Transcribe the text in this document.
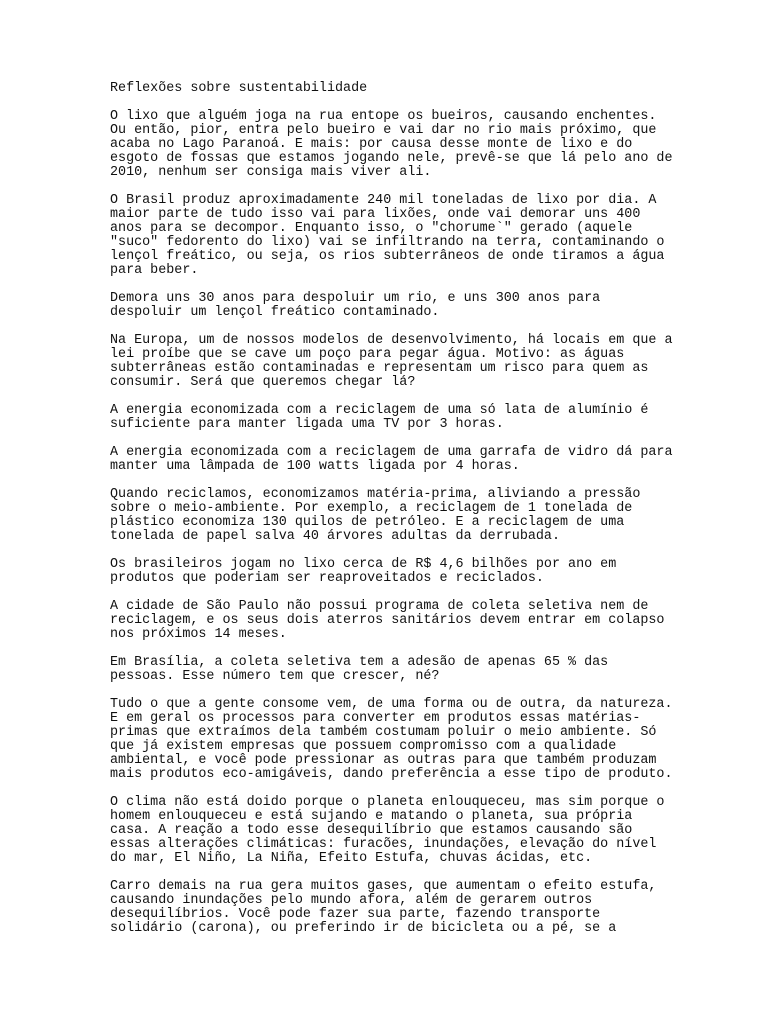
Reflexões sobre sustentabilidade
O lixo que alguém joga na rua entope os bueiros, causando enchentes.
Ou então, pior, entra pelo bueiro e vai dar no rio mais próximo, que
acaba no Lago Paranoá. E mais: por causa desse monte de lixo e do
esgoto de fossas que estamos jogando nele, prevê-se que lá pelo ano de
2010, nenhum ser consiga mais viver ali.
O Brasil produz aproximadamente 240 mil toneladas de lixo por dia. A
maior parte de tudo isso vai para lixões, onde vai demorar uns 400
anos para se decompor. Enquanto isso, o "chorume`" gerado (aquele
"suco" fedorento do lixo) vai se infiltrando na terra, contaminando o
lençol freático, ou seja, os rios subterrâneos de onde tiramos a água
para beber.
Demora uns 30 anos para despoluir um rio, e uns 300 anos para
despoluir um lençol freático contaminado.
Na Europa, um de nossos modelos de desenvolvimento, há locais em que a
lei proíbe que se cave um poço para pegar água. Motivo: as águas
subterrâneas estão contaminadas e representam um risco para quem as
consumir. Será que queremos chegar lá?
A energia economizada com a reciclagem de uma só lata de alumínio é
suficiente para manter ligada uma TV por 3 horas.
A energia economizada com a reciclagem de uma garrafa de vidro dá para
manter uma lâmpada de 100 watts ligada por 4 horas.
Quando reciclamos, economizamos matéria-prima, aliviando a pressão
sobre o meio-ambiente. Por exemplo, a reciclagem de 1 tonelada de
plástico economiza 130 quilos de petróleo. E a reciclagem de uma
tonelada de papel salva 40 árvores adultas da derrubada.
Os brasileiros jogam no lixo cerca de R$ 4,6 bilhões por ano em
produtos que poderiam ser reaproveitados e reciclados.
A cidade de São Paulo não possui programa de coleta seletiva nem de
reciclagem, e os seus dois aterros sanitários devem entrar em colapso
nos próximos 14 meses.
Em Brasília, a coleta seletiva tem a adesão de apenas 65 % das
pessoas. Esse número tem que crescer, né?
Tudo o que a gente consome vem, de uma forma ou de outra, da natureza.
E em geral os processos para converter em produtos essas matérias-
primas que extraímos dela também costumam poluir o meio ambiente. Só
que já existem empresas que possuem compromisso com a qualidade
ambiental, e você pode pressionar as outras para que também produzam
mais produtos eco-amigáveis, dando preferência a esse tipo de produto.
O clima não está doido porque o planeta enlouqueceu, mas sim porque o
homem enlouqueceu e está sujando e matando o planeta, sua própria
casa. A reação a todo esse desequilíbrio que estamos causando são
essas alterações climáticas: furacões, inundações, elevação do nível
do mar, El Niño, La Niña, Efeito Estufa, chuvas ácidas, etc.
Carro demais na rua gera muitos gases, que aumentam o efeito estufa,
causando inundações pelo mundo afora, além de gerarem outros
desequilíbrios. Você pode fazer sua parte, fazendo transporte
solidário (carona), ou preferindo ir de bicicleta ou a pé, se a
